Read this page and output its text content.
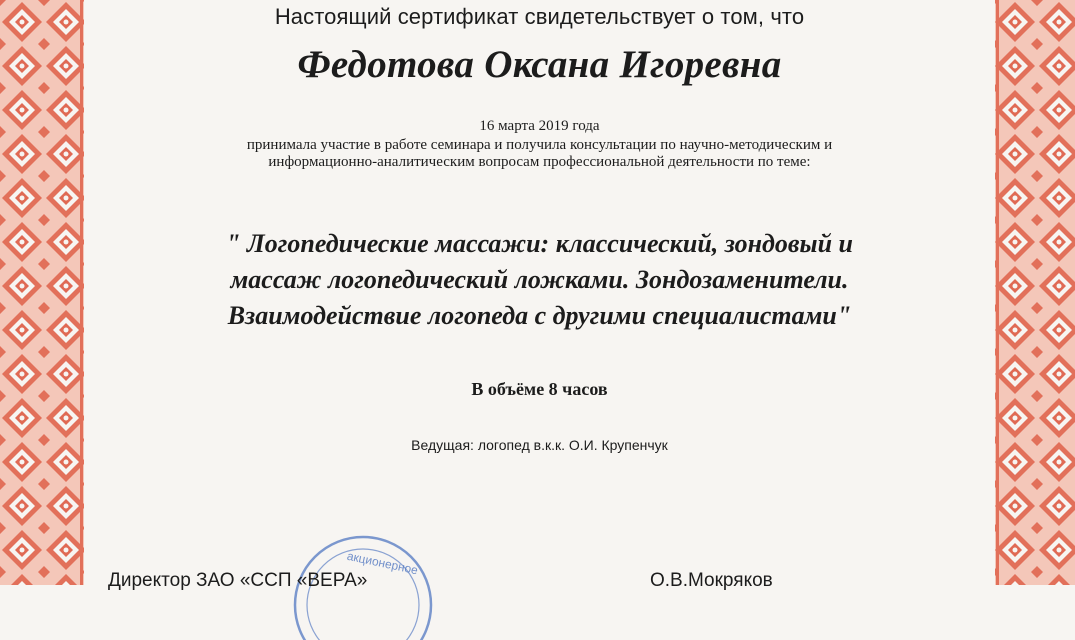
Настоящий сертификат свидетельствует о том, что
Федотова Оксана Игоревна
16 марта 2019 года
принимала участие в работе семинара и получила консультации по научно-методическим и
информационно-аналитическим вопросам профессиональной деятельности по теме:
" Логопедические массажи: классический, зондовый и
массаж логопедический ложками. Зондозаменители.
Взаимодействие логопеда с другими специалистами"
В объёме 8 часов
Ведущая: логопед в.к.к. О.И. Крупенчук
акционерное
Директор ЗАО «ССП «ВЕРА»	О.В.Мокряков
